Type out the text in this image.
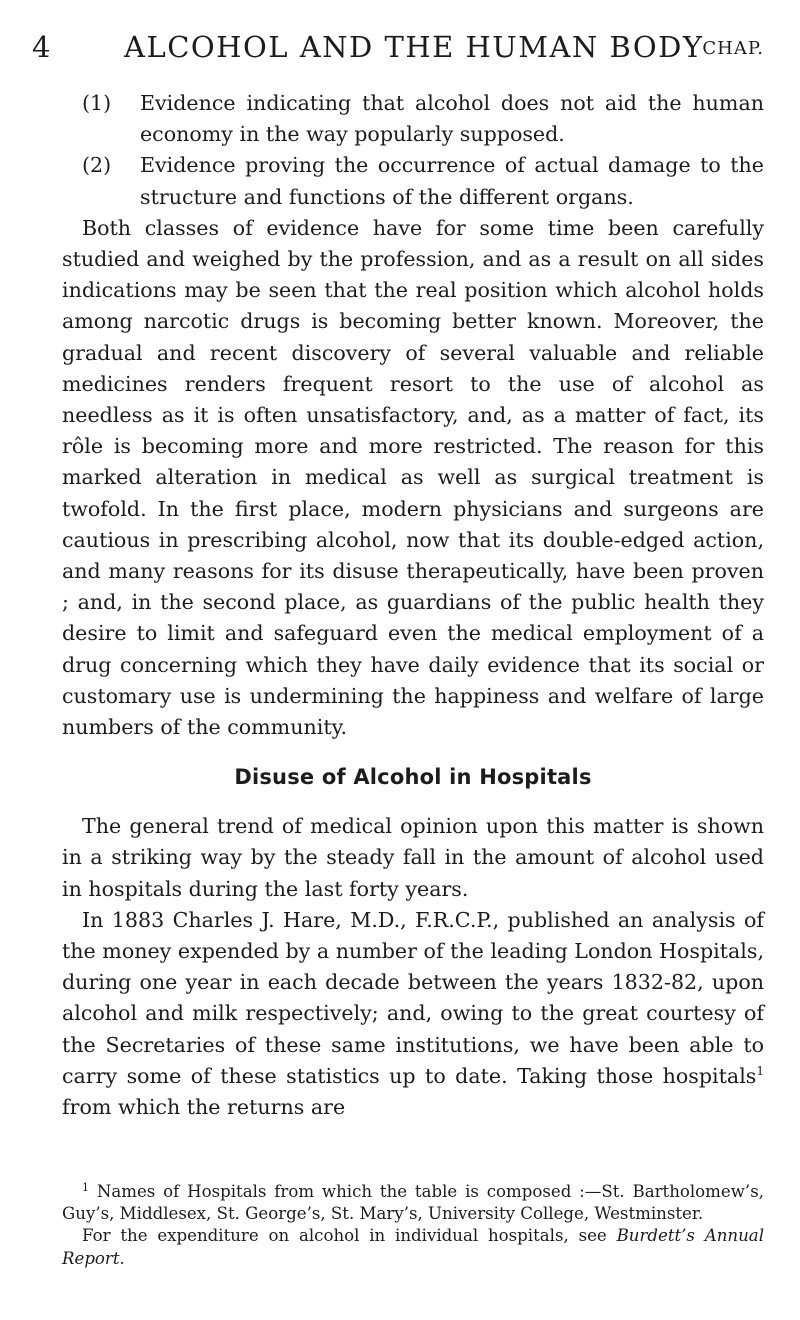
4	ALCOHOL AND THE HUMAN BODY
CHAP.

(1) Evidence indicating that alcohol does not aid the human economy in the way popularly supposed.

(2) Evidence proving the occurrence of actual damage to the structure and functions of the different organs.

Both classes of evidence have for some time been carefully studied and weighed by the profession, and as a result on all sides indications may be seen that the real position which alcohol holds among narcotic drugs is becoming better known. Moreover, the gradual and recent discovery of several valuable and reliable medicines renders frequent resort to the use of alcohol as needless as it is often unsatisfactory, and, as a matter of fact, its rôle is becoming more and more restricted. The reason for this marked alteration in medical as well as surgical treatment is twofold. In the first place, modern physicians and surgeons are cautious in prescribing alcohol, now that its double-edged action, and many reasons for its disuse therapeutically, have been proven ; and, in the second place, as guardians of the public health they desire to limit and safeguard even the medical employment of a drug concerning which they have daily evidence that its social or customary use is undermining the happiness and welfare of large numbers of the community.

Disuse of Alcohol in Hospitals

The general trend of medical opinion upon this matter is shown in a striking way by the steady fall in the amount of alcohol used in hospitals during the last forty years.

In 1883 Charles J. Hare, M.D., F.R.C.P., published an analysis of the money expended by a number of the leading London Hospitals, during one year in each decade between the years 1832-82, upon alcohol and milk respectively; and, owing to the great courtesy of the Secretaries of these same institutions, we have been able to carry some of these statistics up to date. Taking those hospitals$^1$ from which the returns are

$^1$ Names of Hospitals from which the table is composed :—St. Bartholomew’s, Guy’s, Middlesex, St. George’s, St. Mary’s, University College, Westminster.

For the expenditure on alcohol in individual hospitals, see Burdett’s Annual Report.
